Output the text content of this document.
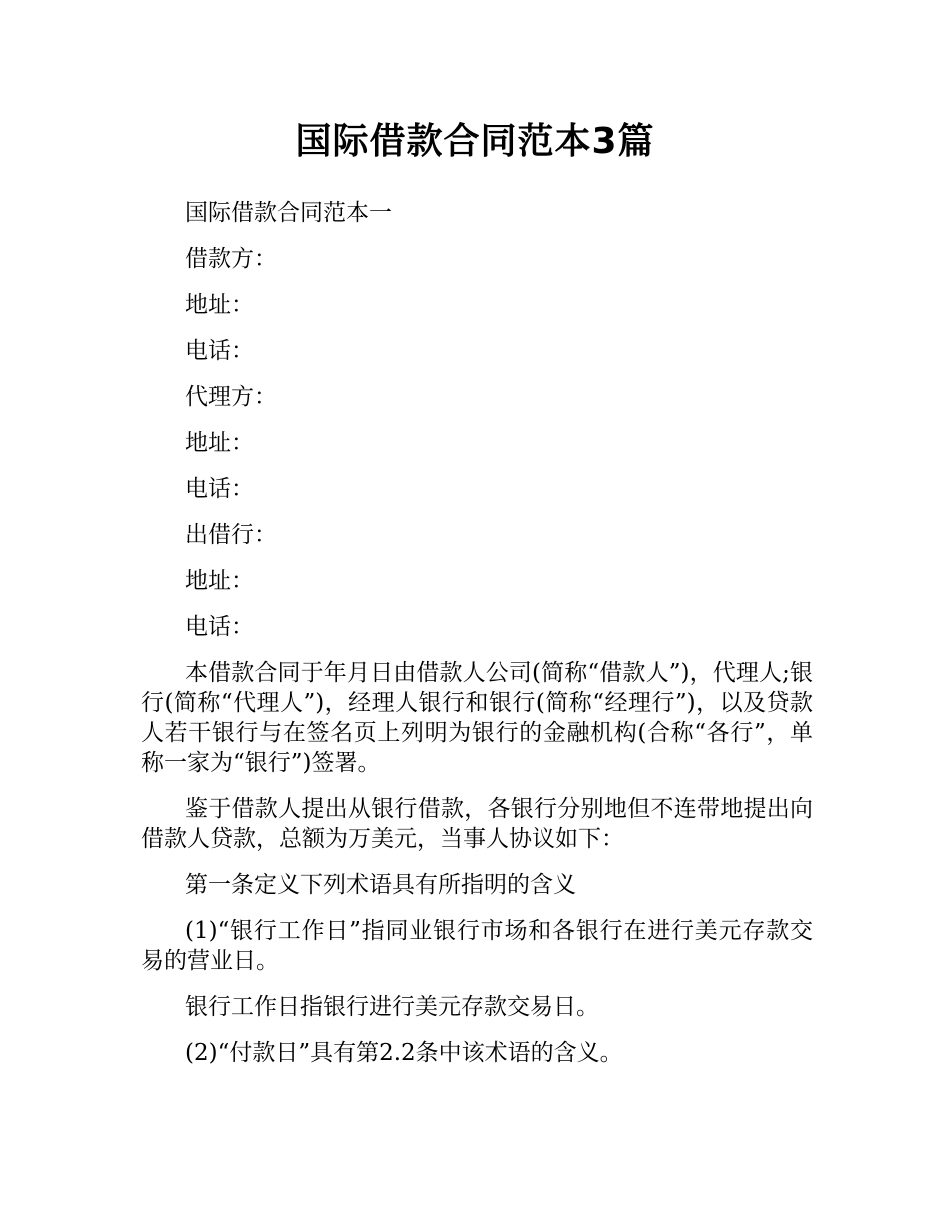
国际借款合同范本3篇

国际借款合同范本一

借款方：

地址：

电话：

代理方：

地址：

电话：

出借行：

地址：

电话：

本借款合同于年月日由借款人公司(简称“借款人”)，代理人;银行(简称“代理人”)，经理人银行和银行(简称“经理行”)，以及贷款人若干银行与在签名页上列明为银行的金融机构(合称“各行”，单称一家为“银行”)签署。

鉴于借款人提出从银行借款，各银行分别地但不连带地提出向借款人贷款，总额为万美元，当事人协议如下：

第一条定义下列术语具有所指明的含义

(1)“银行工作日”指同业银行市场和各银行在进行美元存款交易的营业日。

银行工作日指银行进行美元存款交易日。

(2)“付款日”具有第2.2条中该术语的含义。
